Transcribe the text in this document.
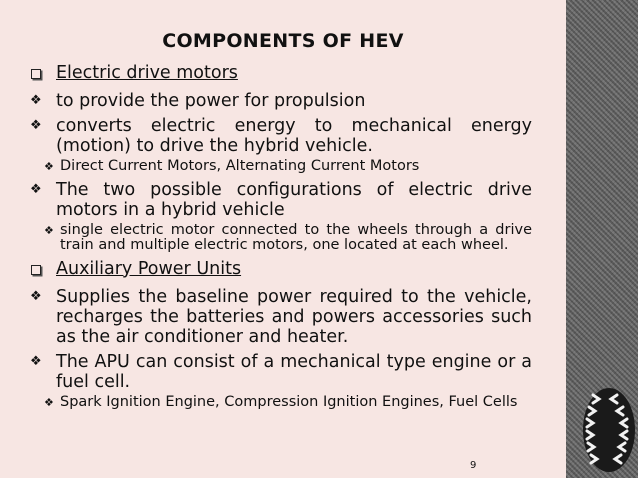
COMPONENTS OF HEV
Electric drive motors
❖ to provide the power for propulsion
❖ converts electric energy to mechanical energy (motion) to drive the hybrid vehicle.
❖ Direct Current Motors, Alternating Current Motors
❖ The two possible configurations of electric drive motors in a hybrid vehicle
❖ single electric motor connected to the wheels through a drive train and multiple electric motors, one located at each wheel.
Auxiliary Power Units
❖ Supplies the baseline power required to the vehicle, recharges the batteries and powers accessories such as the air conditioner and heater.
❖ The APU can consist of a mechanical type engine or a fuel cell.
❖ Spark Ignition Engine, Compression Ignition Engines, Fuel Cells
9
